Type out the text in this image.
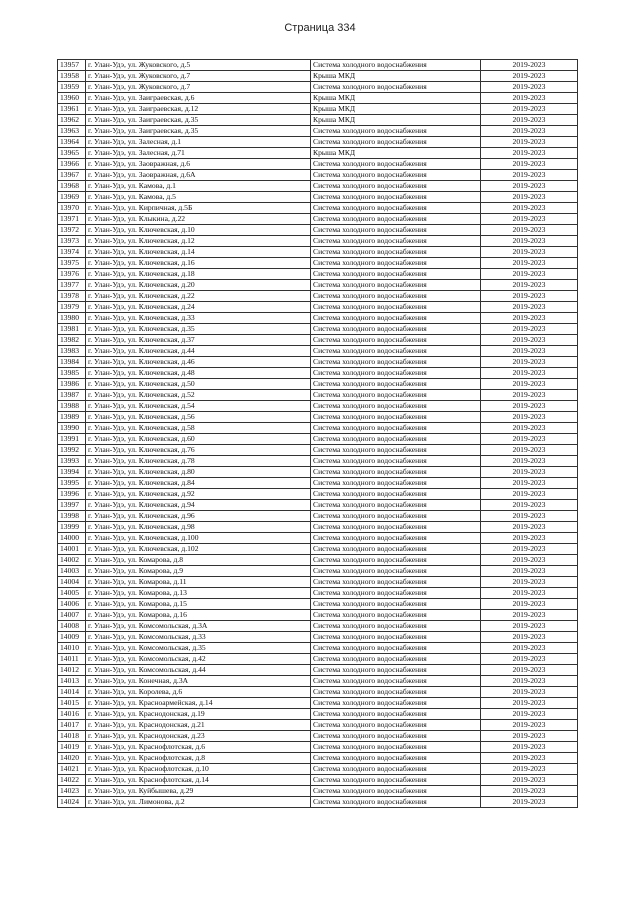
Страница 334
13957	г. Улан-Удэ, ул. Жуковского, д.5	Система холодного водоснабжения	2019-2023
13958	г. Улан-Удэ, ул. Жуковского, д.7	Крыша МКД	2019-2023
13959	г. Улан-Удэ, ул. Жуковского, д.7	Система холодного водоснабжения	2019-2023
13960	г. Улан-Удэ, ул. Заиграевская, д.6	Крыша МКД	2019-2023
13961	г. Улан-Удэ, ул. Заиграевская, д.12	Крыша МКД	2019-2023
13962	г. Улан-Удэ, ул. Заиграевская, д.35	Крыша МКД	2019-2023
13963	г. Улан-Удэ, ул. Заиграевская, д.35	Система холодного водоснабжения	2019-2023
13964	г. Улан-Удэ, ул. Залесная, д.1	Система холодного водоснабжения	2019-2023
13965	г. Улан-Удэ, ул. Залесная, д.71	Крыша МКД	2019-2023
13966	г. Улан-Удэ, ул. Заовражная, д.6	Система холодного водоснабжения	2019-2023
13967	г. Улан-Удэ, ул. Заовражная, д.6А	Система холодного водоснабжения	2019-2023
13968	г. Улан-Удэ, ул. Камова, д.1	Система холодного водоснабжения	2019-2023
13969	г. Улан-Удэ, ул. Камова, д.5	Система холодного водоснабжения	2019-2023
13970	г. Улан-Удэ, ул. Кирпичная, д.5Б	Система холодного водоснабжения	2019-2023
13971	г. Улан-Удэ, ул. Клыкина, д.22	Система холодного водоснабжения	2019-2023
13972	г. Улан-Удэ, ул. Ключевская, д.10	Система холодного водоснабжения	2019-2023
13973	г. Улан-Удэ, ул. Ключевская, д.12	Система холодного водоснабжения	2019-2023
13974	г. Улан-Удэ, ул. Ключевская, д.14	Система холодного водоснабжения	2019-2023
13975	г. Улан-Удэ, ул. Ключевская, д.16	Система холодного водоснабжения	2019-2023
13976	г. Улан-Удэ, ул. Ключевская, д.18	Система холодного водоснабжения	2019-2023
13977	г. Улан-Удэ, ул. Ключевская, д.20	Система холодного водоснабжения	2019-2023
13978	г. Улан-Удэ, ул. Ключевская, д.22	Система холодного водоснабжения	2019-2023
13979	г. Улан-Удэ, ул. Ключевская, д.24	Система холодного водоснабжения	2019-2023
13980	г. Улан-Удэ, ул. Ключевская, д.33	Система холодного водоснабжения	2019-2023
13981	г. Улан-Удэ, ул. Ключевская, д.35	Система холодного водоснабжения	2019-2023
13982	г. Улан-Удэ, ул. Ключевская, д.37	Система холодного водоснабжения	2019-2023
13983	г. Улан-Удэ, ул. Ключевская, д.44	Система холодного водоснабжения	2019-2023
13984	г. Улан-Удэ, ул. Ключевская, д.46	Система холодного водоснабжения	2019-2023
13985	г. Улан-Удэ, ул. Ключевская, д.48	Система холодного водоснабжения	2019-2023
13986	г. Улан-Удэ, ул. Ключевская, д.50	Система холодного водоснабжения	2019-2023
13987	г. Улан-Удэ, ул. Ключевская, д.52	Система холодного водоснабжения	2019-2023
13988	г. Улан-Удэ, ул. Ключевская, д.54	Система холодного водоснабжения	2019-2023
13989	г. Улан-Удэ, ул. Ключевская, д.56	Система холодного водоснабжения	2019-2023
13990	г. Улан-Удэ, ул. Ключевская, д.58	Система холодного водоснабжения	2019-2023
13991	г. Улан-Удэ, ул. Ключевская, д.60	Система холодного водоснабжения	2019-2023
13992	г. Улан-Удэ, ул. Ключевская, д.76	Система холодного водоснабжения	2019-2023
13993	г. Улан-Удэ, ул. Ключевская, д.78	Система холодного водоснабжения	2019-2023
13994	г. Улан-Удэ, ул. Ключевская, д.80	Система холодного водоснабжения	2019-2023
13995	г. Улан-Удэ, ул. Ключевская, д.84	Система холодного водоснабжения	2019-2023
13996	г. Улан-Удэ, ул. Ключевская, д.92	Система холодного водоснабжения	2019-2023
13997	г. Улан-Удэ, ул. Ключевская, д.94	Система холодного водоснабжения	2019-2023
13998	г. Улан-Удэ, ул. Ключевская, д.96	Система холодного водоснабжения	2019-2023
13999	г. Улан-Удэ, ул. Ключевская, д.98	Система холодного водоснабжения	2019-2023
14000	г. Улан-Удэ, ул. Ключевская, д.100	Система холодного водоснабжения	2019-2023
14001	г. Улан-Удэ, ул. Ключевская, д.102	Система холодного водоснабжения	2019-2023
14002	г. Улан-Удэ, ул. Комарова, д.8	Система холодного водоснабжения	2019-2023
14003	г. Улан-Удэ, ул. Комарова, д.9	Система холодного водоснабжения	2019-2023
14004	г. Улан-Удэ, ул. Комарова, д.11	Система холодного водоснабжения	2019-2023
14005	г. Улан-Удэ, ул. Комарова, д.13	Система холодного водоснабжения	2019-2023
14006	г. Улан-Удэ, ул. Комарова, д.15	Система холодного водоснабжения	2019-2023
14007	г. Улан-Удэ, ул. Комарова, д.16	Система холодного водоснабжения	2019-2023
14008	г. Улан-Удэ, ул. Комсомольская, д.3А	Система холодного водоснабжения	2019-2023
14009	г. Улан-Удэ, ул. Комсомольская, д.33	Система холодного водоснабжения	2019-2023
14010	г. Улан-Удэ, ул. Комсомольская, д.35	Система холодного водоснабжения	2019-2023
14011	г. Улан-Удэ, ул. Комсомольская, д.42	Система холодного водоснабжения	2019-2023
14012	г. Улан-Удэ, ул. Комсомольская, д.44	Система холодного водоснабжения	2019-2023
14013	г. Улан-Удэ, ул. Конечная, д.3А	Система холодного водоснабжения	2019-2023
14014	г. Улан-Удэ, ул. Королева, д.6	Система холодного водоснабжения	2019-2023
14015	г. Улан-Удэ, ул. Красноармейская, д.14	Система холодного водоснабжения	2019-2023
14016	г. Улан-Удэ, ул. Краснодонская, д.19	Система холодного водоснабжения	2019-2023
14017	г. Улан-Удэ, ул. Краснодонская, д.21	Система холодного водоснабжения	2019-2023
14018	г. Улан-Удэ, ул. Краснодонская, д.23	Система холодного водоснабжения	2019-2023
14019	г. Улан-Удэ, ул. Краснофлотская, д.6	Система холодного водоснабжения	2019-2023
14020	г. Улан-Удэ, ул. Краснофлотская, д.8	Система холодного водоснабжения	2019-2023
14021	г. Улан-Удэ, ул. Краснофлотская, д.10	Система холодного водоснабжения	2019-2023
14022	г. Улан-Удэ, ул. Краснофлотская, д.14	Система холодного водоснабжения	2019-2023
14023	г. Улан-Удэ, ул. Куйбышева, д.29	Система холодного водоснабжения	2019-2023
14024	г. Улан-Удэ, ул. Лимонова, д.2	Система холодного водоснабжения	2019-2023
